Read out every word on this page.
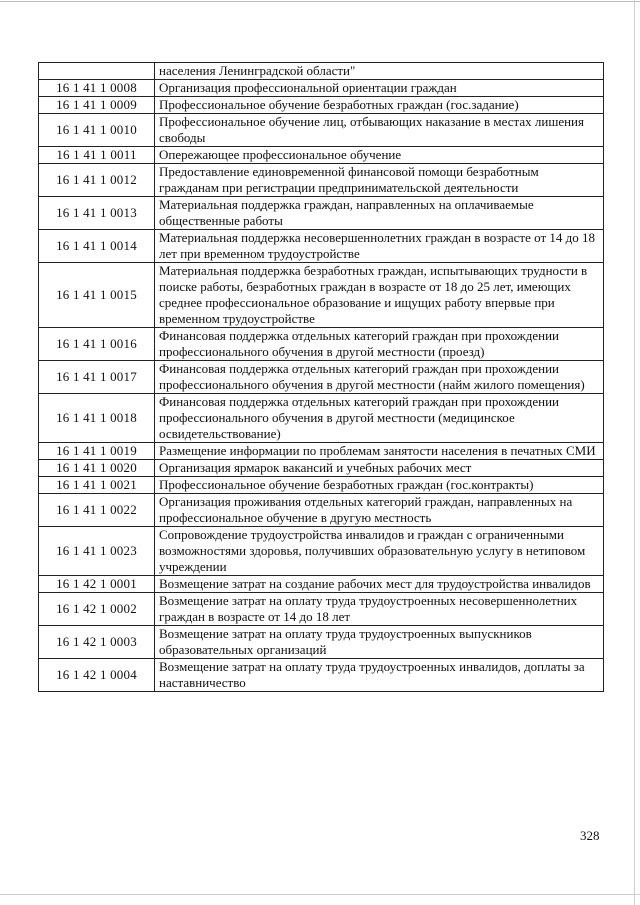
	населения Ленинградской области"
16 1 41 1 0008	Организация профессиональной ориентации граждан
16 1 41 1 0009	Профессиональное обучение безработных граждан (гос.задание)
16 1 41 1 0010	Профессиональное обучение лиц, отбывающих наказание в местах лишения свободы
16 1 41 1 0011	Опережающее профессиональное обучение
16 1 41 1 0012	Предоставление единовременной финансовой помощи безработным гражданам при регистрации предпринимательской деятельности
16 1 41 1 0013	Материальная поддержка граждан, направленных на оплачиваемые общественные работы
16 1 41 1 0014	Материальная поддержка несовершеннолетних граждан в возрасте от 14 до 18 лет при временном трудоустройстве
16 1 41 1 0015	Материальная поддержка безработных граждан, испытывающих трудности в поиске работы, безработных граждан в возрасте от 18 до 25 лет, имеющих среднее профессиональное образование и ищущих работу впервые при временном трудоустройстве
16 1 41 1 0016	Финансовая поддержка отдельных категорий граждан при прохождении профессионального обучения в другой местности (проезд)
16 1 41 1 0017	Финансовая поддержка отдельных категорий граждан при прохождении профессионального обучения в другой местности (найм жилого помещения)
16 1 41 1 0018	Финансовая поддержка отдельных категорий граждан при прохождении профессионального обучения в другой местности (медицинское освидетельствование)
16 1 41 1 0019	Размещение информации по проблемам занятости населения в печатных СМИ
16 1 41 1 0020	Организация ярмарок вакансий и учебных рабочих мест
16 1 41 1 0021	Профессиональное обучение безработных граждан (гос.контракты)
16 1 41 1 0022	Организация проживания отдельных категорий граждан, направленных на профессиональное обучение в другую местность
16 1 41 1 0023	Сопровождение трудоустройства инвалидов и граждан с ограниченными возможностями здоровья, получивших образовательную услугу в нетиповом учреждении
16 1 42 1 0001	Возмещение затрат на создание рабочих мест для трудоустройства инвалидов
16 1 42 1 0002	Возмещение затрат на оплату труда трудоустроенных несовершеннолетних граждан в возрасте от 14 до 18 лет
16 1 42 1 0003	Возмещение затрат на оплату труда трудоустроенных выпускников образовательных организаций
16 1 42 1 0004	Возмещение затрат на оплату труда трудоустроенных инвалидов, доплаты за наставничество
328
